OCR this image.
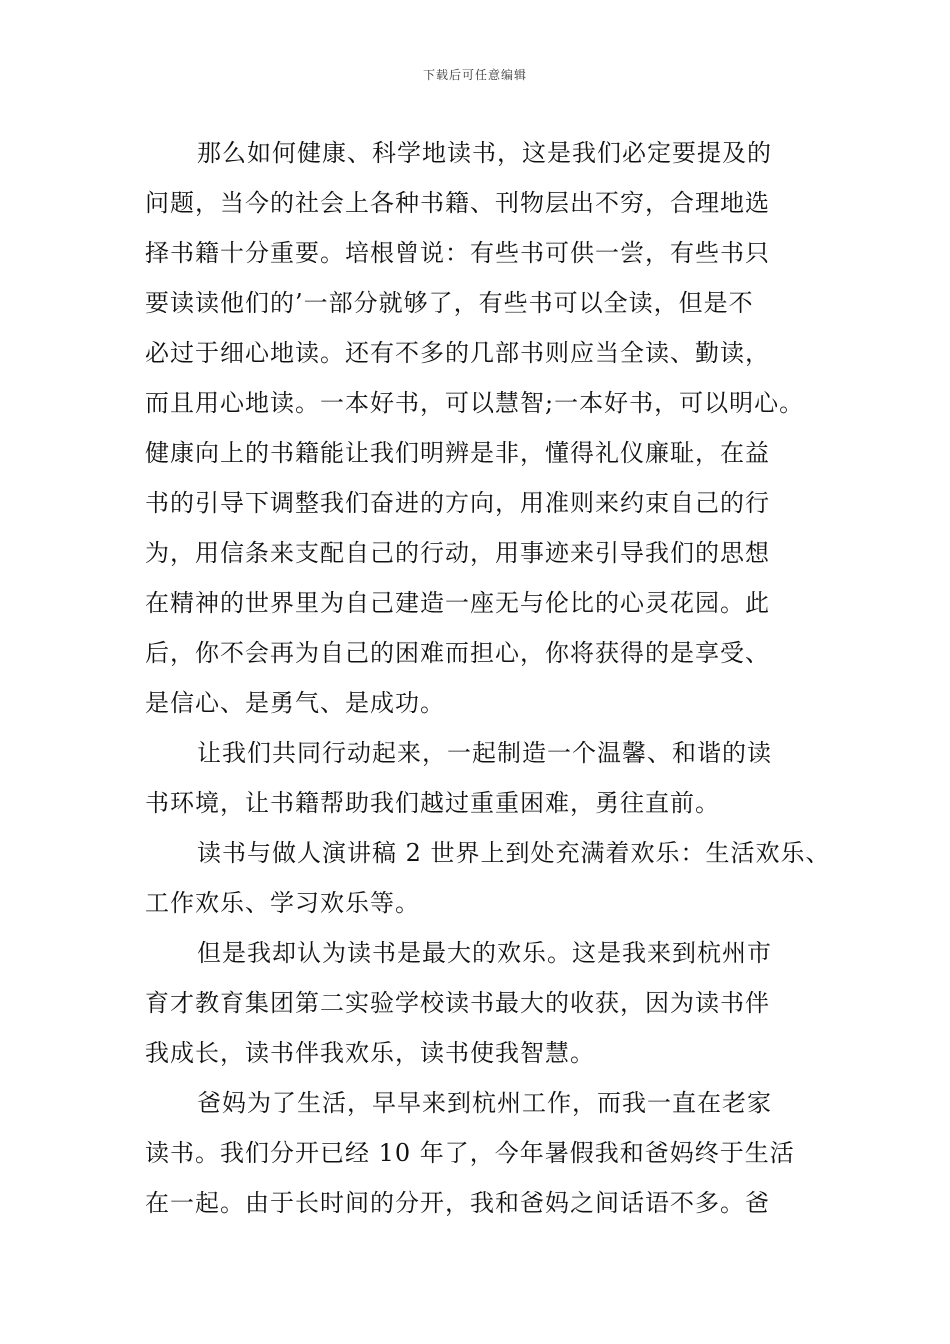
下载后可任意编辑
那么如何健康、科学地读书，这是我们必定要提及的
问题，当今的社会上各种书籍、刊物层出不穷，合理地选
择书籍十分重要。培根曾说：有些书可供一尝，有些书只
要读读他们的’一部分就够了，有些书可以全读，但是不
必过于细心地读。还有不多的几部书则应当全读、勤读，
而且用心地读。一本好书，可以慧智;一本好书，可以明心。
健康向上的书籍能让我们明辨是非，懂得礼仪廉耻，在益
书的引导下调整我们奋进的方向，用准则来约束自己的行
为，用信条来支配自己的行动，用事迹来引导我们的思想
在精神的世界里为自己建造一座无与伦比的心灵花园。此
后，你不会再为自己的困难而担心，你将获得的是享受、
是信心、是勇气、是成功。
让我们共同行动起来，一起制造一个温馨、和谐的读
书环境，让书籍帮助我们越过重重困难，勇往直前。
读书与做人演讲稿 2 世界上到处充满着欢乐：生活欢乐、
工作欢乐、学习欢乐等。
但是我却认为读书是最大的欢乐。这是我来到杭州市
育才教育集团第二实验学校读书最大的收获，因为读书伴
我成长，读书伴我欢乐，读书使我智慧。
爸妈为了生活，早早来到杭州工作，而我一直在老家
读书。我们分开已经 10 年了，今年暑假我和爸妈终于生活
在一起。由于长时间的分开，我和爸妈之间话语不多。爸
